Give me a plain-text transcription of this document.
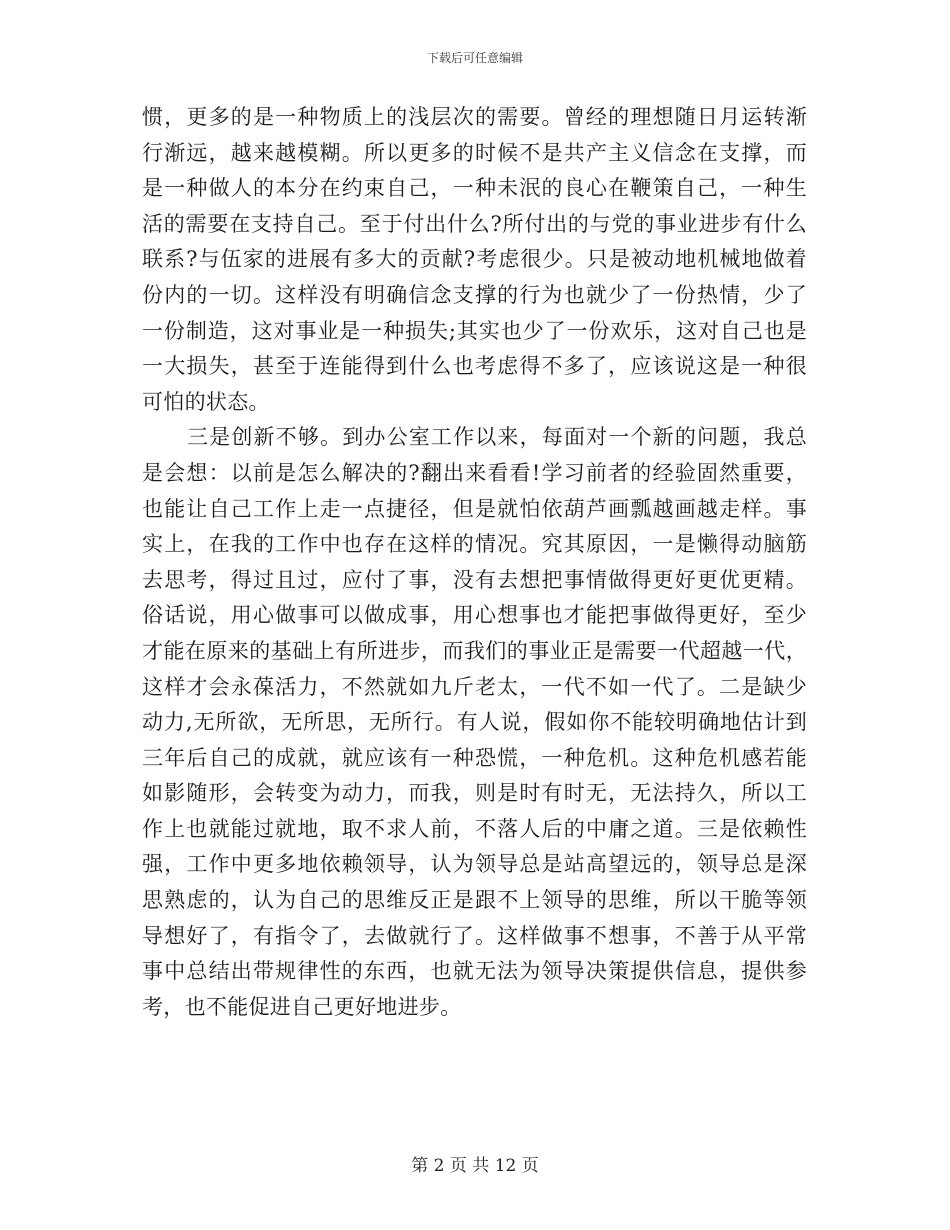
下载后可任意编辑
惯，更多的是一种物质上的浅层次的需要。曾经的理想随日月运转渐
行渐远，越来越模糊。所以更多的时候不是共产主义信念在支撑，而
是一种做人的本分在约束自己，一种未泯的良心在鞭策自己，一种生
活的需要在支持自己。至于付出什么?所付出的与党的事业进步有什么
联系?与伍家的进展有多大的贡献?考虑很少。只是被动地机械地做着
份内的一切。这样没有明确信念支撑的行为也就少了一份热情，少了
一份制造，这对事业是一种损失;其实也少了一份欢乐，这对自己也是
一大损失，甚至于连能得到什么也考虑得不多了，应该说这是一种很
可怕的状态。
三是创新不够。到办公室工作以来，每面对一个新的问题，我总
是会想：以前是怎么解决的?翻出来看看!学习前者的经验固然重要，
也能让自己工作上走一点捷径，但是就怕依葫芦画瓢越画越走样。事
实上，在我的工作中也存在这样的情况。究其原因，一是懒得动脑筋
去思考，得过且过，应付了事，没有去想把事情做得更好更优更精。
俗话说，用心做事可以做成事，用心想事也才能把事做得更好，至少
才能在原来的基础上有所进步，而我们的事业正是需要一代超越一代，
这样才会永葆活力，不然就如九斤老太，一代不如一代了。二是缺少
动力,无所欲，无所思，无所行。有人说，假如你不能较明确地估计到
三年后自己的成就，就应该有一种恐慌，一种危机。这种危机感若能
如影随形，会转变为动力，而我，则是时有时无，无法持久，所以工
作上也就能过就地，取不求人前，不落人后的中庸之道。三是依赖性
强，工作中更多地依赖领导，认为领导总是站高望远的，领导总是深
思熟虑的，认为自己的思维反正是跟不上领导的思维，所以干脆等领
导想好了，有指令了，去做就行了。这样做事不想事，不善于从平常
事中总结出带规律性的东西，也就无法为领导决策提供信息，提供参
考，也不能促进自己更好地进步。
第 2 页 共 12 页
